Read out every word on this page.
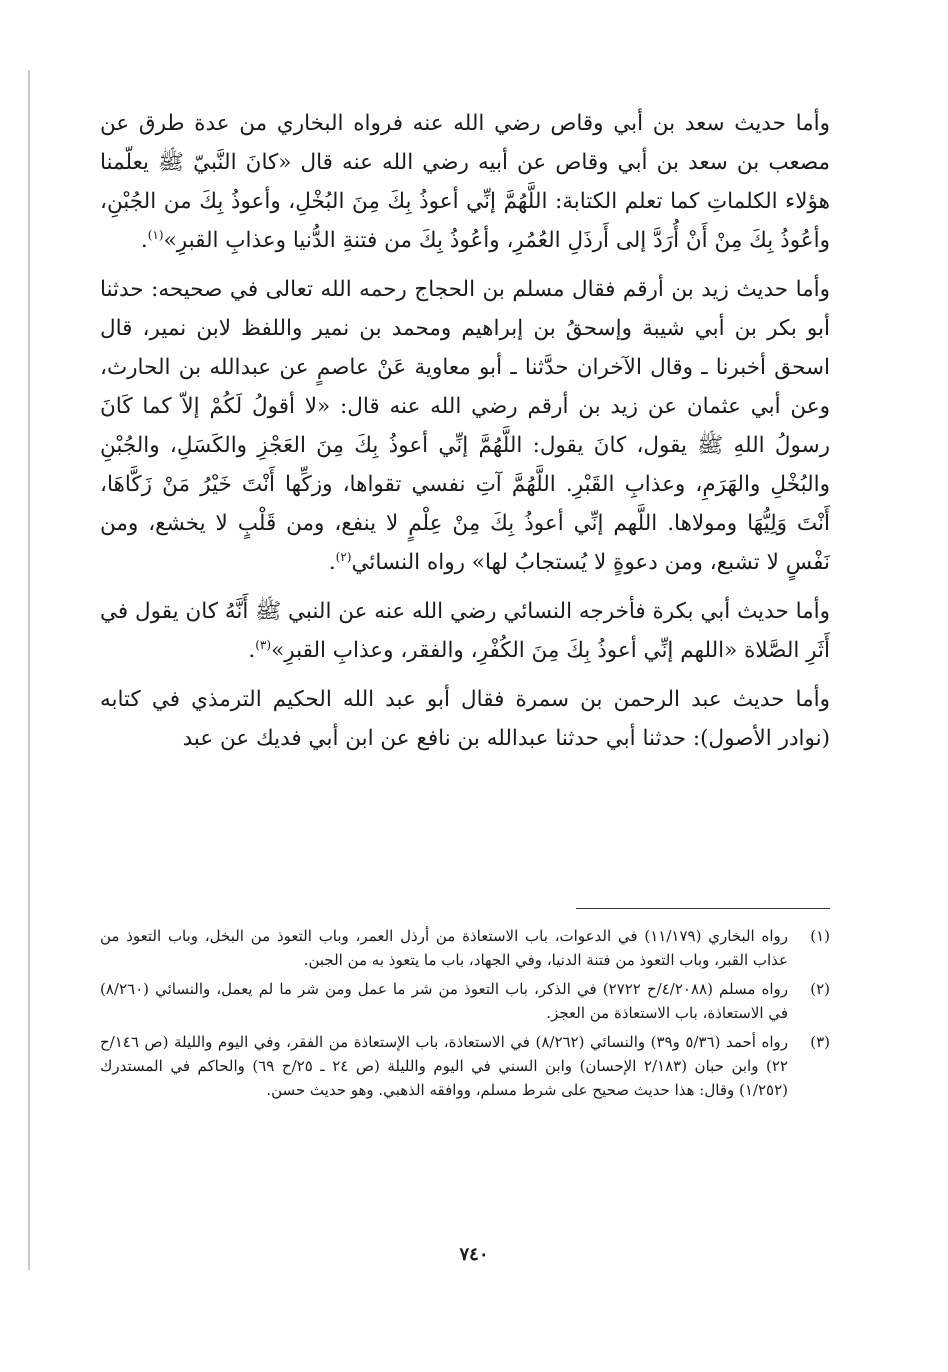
وأما حديث سعد بن أبي وقاص رضي الله عنه فرواه البخاري من عدة طرق عن مصعب بن سعد بن أبي وقاص عن أبيه رضي الله عنه قال «كانَ النَّبيّ ﷺ يعلّمنا هؤلاء الكلماتِ كما تعلم الكتابة: اللَّهُمَّ إنِّي أعوذُ بِكَ مِنَ البُخْلِ، وأعوذُ بِكَ من الجُبْنِ، وأعُوذُ بِكَ مِنْ أَنْ أُرَدَّ إلى أَرذَلِ العُمُرِ، وأعُوذُ بِكَ من فتنةِ الدُّنيا وعذابِ القبرِ»$^{(١)}$.
وأما حديث زيد بن أرقم فقال مسلم بن الحجاج رحمه الله تعالى في صحيحه: حدثنا أبو بكر بن أبي شيبة وإسحقُ بن إبراهيم ومحمد بن نمير واللفظ لابن نمير، قال اسحق أخبرنا ـ وقال الآخران حدَّثنا ـ أبو معاوية عَنْ عاصمٍ عن عبدالله بن الحارث، وعن أبي عثمان عن زيد بن أرقم رضي الله عنه قال: «لا أقولُ لَكُمْ إلاّ كما كَانَ رسولُ اللهِ ﷺ يقول، كانَ يقول: اللَّهُمَّ إنِّي أعوذُ بِكَ مِنَ العَجْزِ والكَسَلِ، والجُبْنِ والبُخْلِ والهَرَمِ، وعذابِ القَبْرِ. اللَّهُمَّ آتِ نفسي تقواها، وزكِّها أَنْتَ خَيْرُ مَنْ زَكَّاهَا، أَنْتَ وَلِيُّهَا ومولاها. اللَّهم إنِّي أعوذُ بِكَ مِنْ عِلْمٍ لا ينفع، ومن قَلْبٍ لا يخشع، ومن نَفْسٍ لا تشبع، ومن دعوةٍ لا يُستجابُ لها» رواه النسائي$^{(٢)}$.
وأما حديث أبي بكرة فأخرجه النسائي رضي الله عنه عن النبي ﷺ أَنَّهُ كان يقول في أَثَرِ الصَّلاة «اللهم إنِّي أعوذُ بِكَ مِنَ الكُفْرِ، والفقر، وعذابِ القبرِ»$^{(٣)}$.
وأما حديث عبد الرحمن بن سمرة فقال أبو عبد الله الحكيم الترمذي في كتابه (نوادر الأصول): حدثنا أبي حدثنا عبدالله بن نافع عن ابن أبي فديك عن عبد
(١)
رواه البخاري (١١/١٧٩) في الدعوات، باب الاستعاذة من أرذل العمر، وباب التعوذ من البخل، وباب التعوذ من عذاب القبر، وباب التعوذ من فتنة الدنيا، وفي الجهاد، باب ما يتعوذ به من الجبن.
(٢)
رواه مسلم (٤/٢٠٨٨/ح ٢٧٢٢) في الذكر، باب التعوذ من شر ما عمل ومن شر ما لم يعمل، والنسائي (٨/٢٦٠) في الاستعاذة، باب الاستعاذة من العجز.
(٣)
رواه أحمد (٥/٣٦ و٣٩) والنسائي (٨/٢٦٢) في الاستعاذة، باب الإستعاذة من الفقر، وفي اليوم والليلة (ص ١٤٦/ح ٢٢) وابن حبان (٢/١٨٣ الإحسان) وابن السني في اليوم والليلة (ص ٢٤ ـ ٢٥/ح ٦٩) والحاكم في المستدرك (١/٢٥٢) وقال: هذا حديث صحيح على شرط مسلم، ووافقه الذهبي. وهو حديث حسن.
٧٤٠
